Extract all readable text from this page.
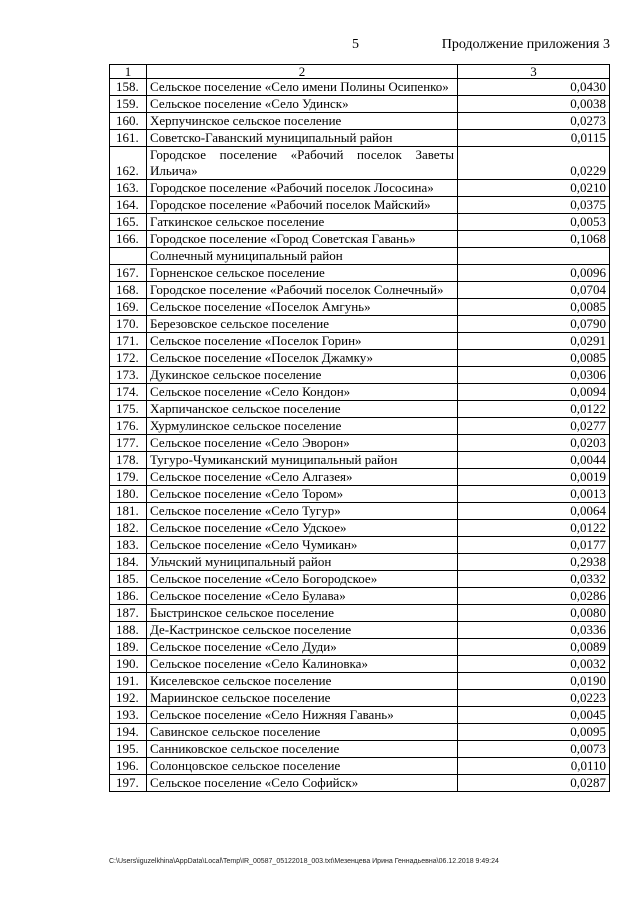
5	Продолжение приложения 3
1	2	3
158.	Сельское поселение «Село имени Полины Осипенко»	0,0430
159.	Сельское поселение «Село Удинск»	0,0038
160.	Херпучинское сельское поселение	0,0273
161.	Советско-Гаванский муниципальный район	0,0115
162.	Городское поселение «Рабочий поселок Заветы Ильича»	0,0229
163.	Городское поселение «Рабочий поселок Лососина»	0,0210
164.	Городское поселение «Рабочий поселок Майский»	0,0375
165.	Гаткинское сельское поселение	0,0053
166.	Городское поселение «Город Советская Гавань»	0,1068
	Солнечный муниципальный район	
167.	Горненское сельское поселение	0,0096
168.	Городское поселение «Рабочий поселок Солнечный»	0,0704
169.	Сельское поселение «Поселок Амгунь»	0,0085
170.	Березовское сельское поселение	0,0790
171.	Сельское поселение «Поселок Горин»	0,0291
172.	Сельское поселение «Поселок Джамку»	0,0085
173.	Дукинское сельское поселение	0,0306
174.	Сельское поселение «Село Кондон»	0,0094
175.	Харпичанское сельское поселение	0,0122
176.	Хурмулинское сельское поселение	0,0277
177.	Сельское поселение «Село Эворон»	0,0203
178.	Тугуро-Чумиканский муниципальный район	0,0044
179.	Сельское поселение «Село Алгазея»	0,0019
180.	Сельское поселение «Село Тором»	0,0013
181.	Сельское поселение «Село Тугур»	0,0064
182.	Сельское поселение «Село Удское»	0,0122
183.	Сельское поселение «Село Чумикан»	0,0177
184.	Ульчский муниципальный район	0,2938
185.	Сельское поселение «Село Богородское»	0,0332
186.	Сельское поселение «Село Булава»	0,0286
187.	Быстринское сельское поселение	0,0080
188.	Де-Кастринское сельское поселение	0,0336
189.	Сельское поселение «Село Дуди»	0,0089
190.	Сельское поселение «Село Калиновка»	0,0032
191.	Киселевское сельское поселение	0,0190
192.	Мариинское сельское поселение	0,0223
193.	Сельское поселение «Село Нижняя Гавань»	0,0045
194.	Савинское сельское поселение	0,0095
195.	Санниковское сельское поселение	0,0073
196.	Солонцовское сельское поселение	0,0110
197.	Сельское поселение «Село Софийск»	0,0287
C:\Users\iguzelkhina\AppData\Local\Temp\IR_00587_05122018_003.txt\Мезенцева Ирина Геннадьевна\06.12.2018 9:49:24
